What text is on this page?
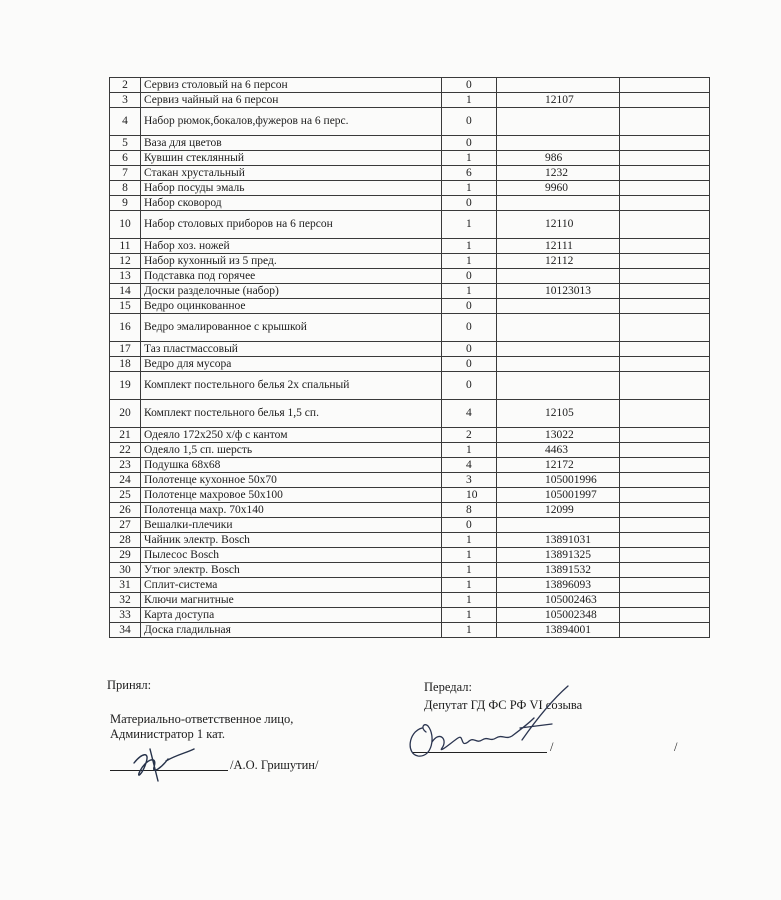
2	Сервиз столовый на 6 персон	0		
3	Сервиз чайный на 6 персон	1	12107	
4	Набор рюмок,бокалов,фужеров на 6 перс.	0		
5	Ваза для цветов	0		
6	Кувшин стеклянный	1	986	
7	Стакан хрустальный	6	1232	
8	Набор посуды эмаль	1	9960	
9	Набор сковород	0		
10	Набор столовых приборов на 6 персон	1	12110	
11	Набор хоз. ножей	1	12111	
12	Набор кухонный из 5 пред.	1	12112	
13	Подставка под горячее	0		
14	Доски разделочные (набор)	1	10123013	
15	Ведро оцинкованное	0		
16	Ведро эмалированное с крышкой	0		
17	Таз пластмассовый	0		
18	Ведро для мусора	0		
19	Комплект постельного белья 2х спальный	0		
20	Комплект постельного белья 1,5 сп.	4	12105	
21	Одеяло 172х250 х/ф с кантом	2	13022	
22	Одеяло 1,5 сп. шерсть	1	4463	
23	Подушка 68х68	4	12172	
24	Полотенце кухонное 50х70	3	105001996	
25	Полотенце махровое 50х100	10	105001997	
26	Полотенца махр. 70х140	8	12099	
27	Вешалки-плечики	0		
28	Чайник электр. Bosch	1	13891031	
29	Пылесос Bosch	1	13891325	
30	Утюг электр. Bosch	1	13891532	
31	Сплит-система	1	13896093	
32	Ключи магнитные	1	105002463	
33	Карта доступа	1	105002348	
34	Доска гладильная	1	13894001	
Принял:	Передал:
Депутат ГД ФС РФ VI созыва
Материально-ответственное лицо,
Администратор 1 кат.
/А.О. Гришутин/
/	/
